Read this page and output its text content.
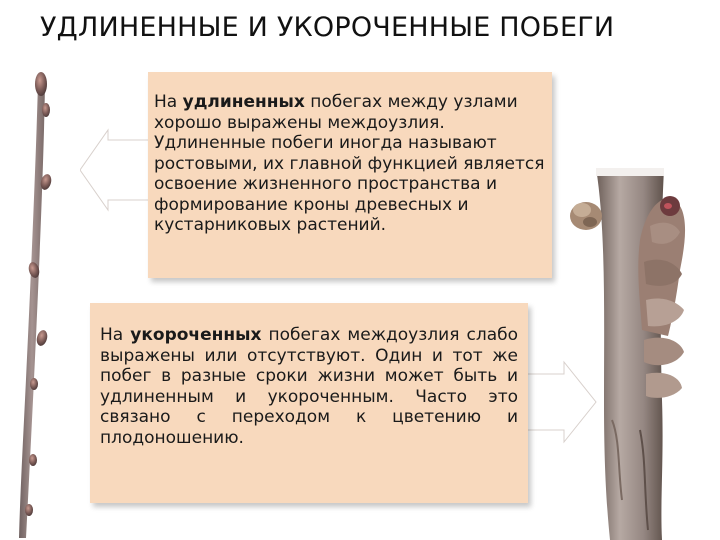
УДЛИНЕННЫЕ И УКОРОЧЕННЫЕ ПОБЕГИ
На удлиненных побегах между узлами хорошо выражены междоузлия. Удлиненные побеги иногда называют ростовыми, их главной функцией является освоение жизненного пространства и формирование кроны древесных и кустарниковых растений.
На укороченных побегах междоузлия слабо выражены или отсутствуют. Один и тот же побег в разные сроки жизни может быть и удлиненным и укороченным. Часто это связано с переходом к цветению и плодоношению.
